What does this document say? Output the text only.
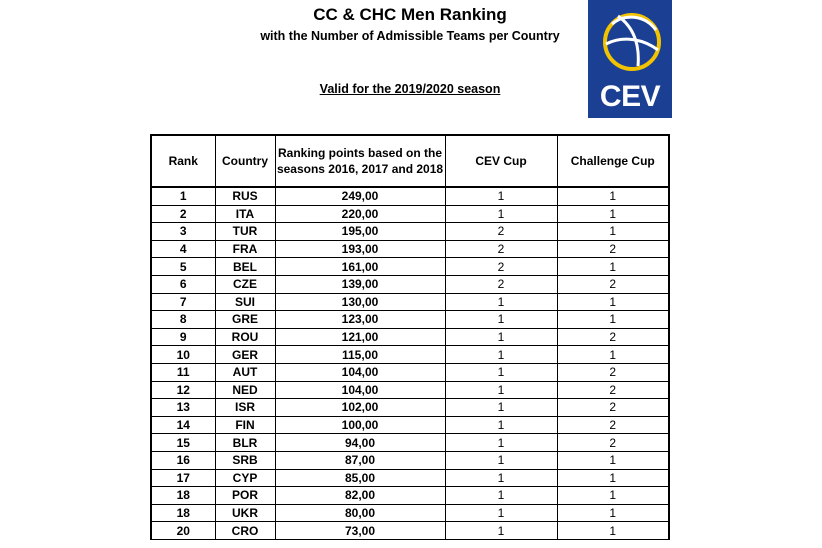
CC & CHC Men Ranking
with the Number of Admissible Teams per Country
Valid for the 2019/2020 season	CEV
Rank	Country	Ranking points based on the seasons 2016, 2017 and 2018	CEV Cup	Challenge Cup
1	RUS	249,00	1	1
2	ITA	220,00	1	1
3	TUR	195,00	2	1
4	FRA	193,00	2	2
5	BEL	161,00	2	1
6	CZE	139,00	2	2
7	SUI	130,00	1	1
8	GRE	123,00	1	1
9	ROU	121,00	1	2
10	GER	115,00	1	1
11	AUT	104,00	1	2
12	NED	104,00	1	2
13	ISR	102,00	1	2
14	FIN	100,00	1	2
15	BLR	94,00	1	2
16	SRB	87,00	1	1
17	CYP	85,00	1	1
18	POR	82,00	1	1
18	UKR	80,00	1	1
20	CRO	73,00	1	1
